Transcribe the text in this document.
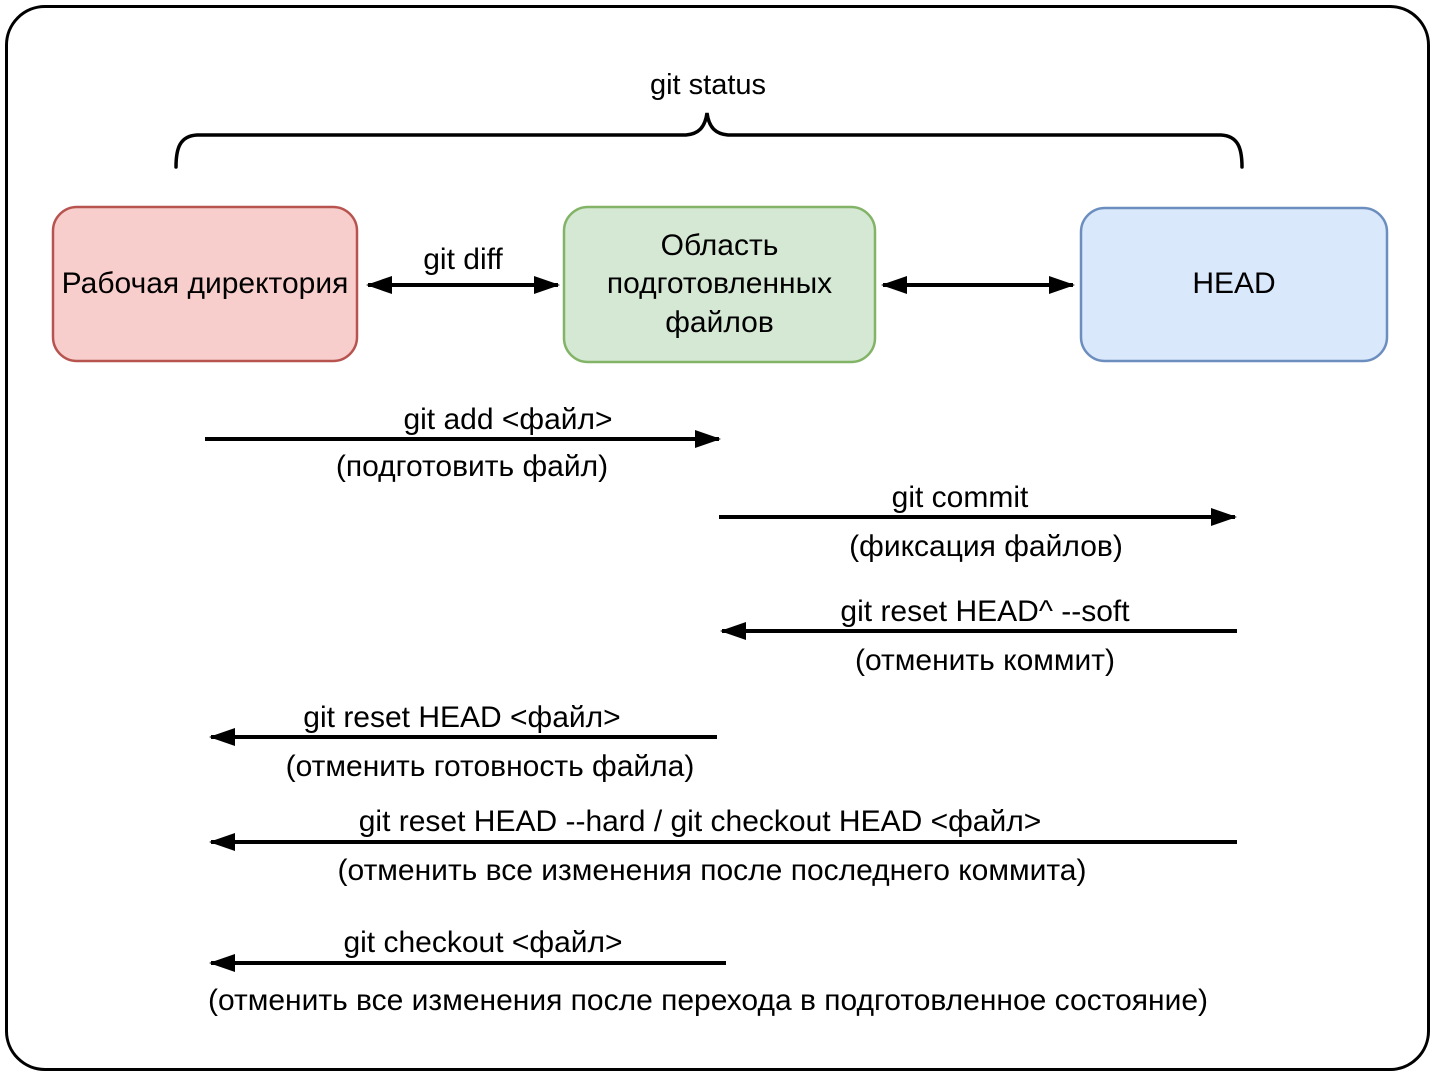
git status
Рабочая директория
Область подготовленных файлов
HEAD
git diff
git add <файл>
(подготовить файл)
git commit
(фиксация файлов)
git reset HEAD^ --soft
(отменить коммит)
git reset HEAD <файл>
(отменить готовность файла)
git reset HEAD --hard / git checkout HEAD <файл>
(отменить все изменения после последнего коммита)
git checkout <файл>
(отменить все изменения после перехода в подготовленное состояние)
